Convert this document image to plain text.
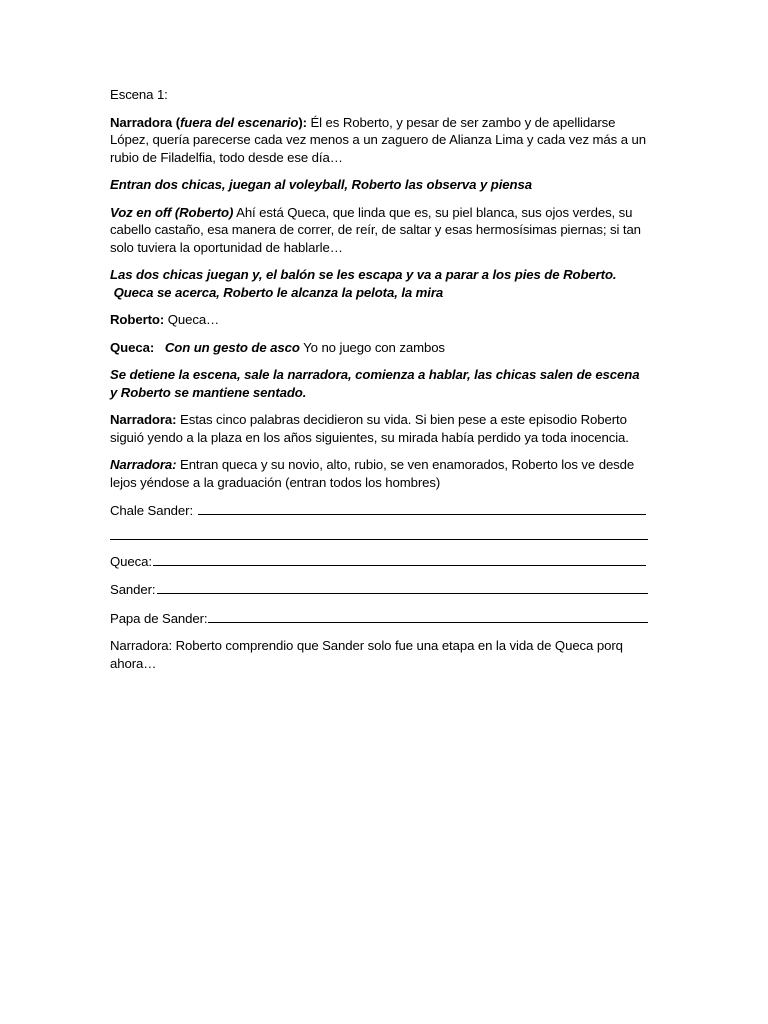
Escena 1:

Narradora (fuera del escenario): Él es Roberto, y pesar de ser zambo y de apellidarse López, quería parecerse cada vez menos a un zaguero de Alianza Lima y cada vez más a un rubio de Filadelfia, todo desde ese día…

Entran dos chicas, juegan al voleyball, Roberto las observa y piensa

Voz en off (Roberto) Ahí está Queca, que linda que es, su piel blanca, sus ojos verdes, su cabello castaño, esa manera de correr, de reír, de saltar y esas hermosísimas piernas; si tan solo tuviera la oportunidad de hablarle…

Las dos chicas juegan y, el balón se les escapa y va a parar a los pies de Roberto.
Queca se acerca, Roberto le alcanza la pelota, la mira

Roberto: Queca…

Queca: Con un gesto de asco Yo no juego con zambos

Se detiene la escena, sale la narradora, comienza a hablar, las chicas salen de escena y Roberto se mantiene sentado.

Narradora: Estas cinco palabras decidieron su vida. Si bien pese a este episodio Roberto siguió yendo a la plaza en los años siguientes, su mirada había perdido ya toda inocencia.

Narradora: Entran queca y su novio, alto, rubio, se ven enamorados, Roberto los ve desde lejos yéndose a la graduación (entran todos los hombres)

Chale Sander:
Queca:
Sander:
Papa de Sander:

Narradora: Roberto comprendio que Sander solo fue una etapa en la vida de Queca porq ahora…
